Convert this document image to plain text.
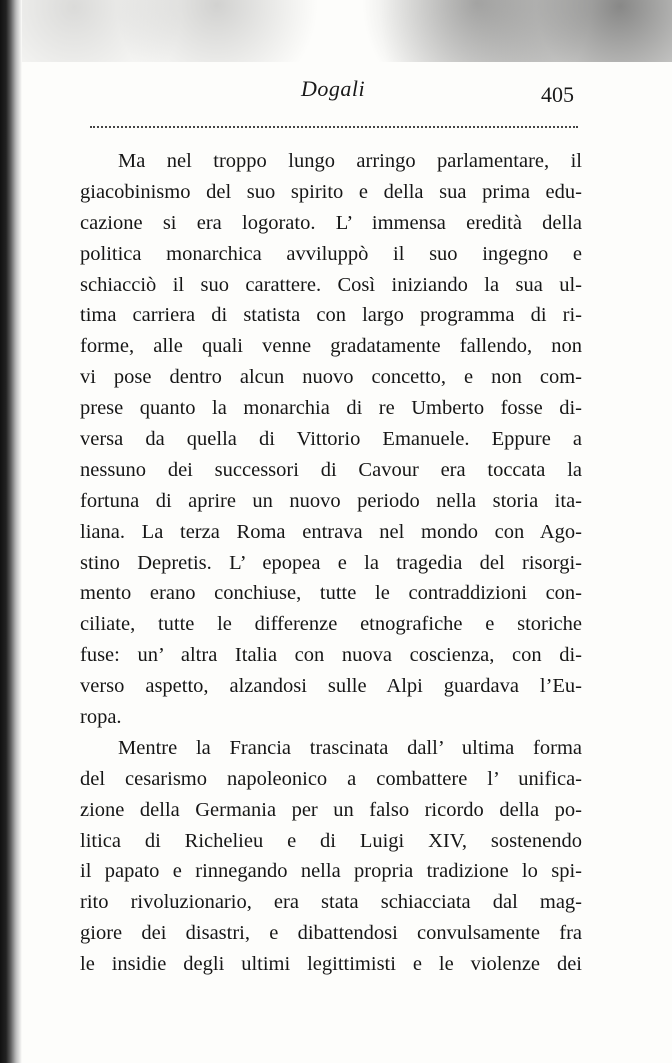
Dogali	405
Ma nel troppo lungo arringo parlamentare, il
giacobinismo del suo spirito e della sua prima edu-
cazione si era logorato. L’ immensa eredità della
politica monarchica avviluppò il suo ingegno e
schiacciò il suo carattere. Così iniziando la sua ul-
tima carriera di statista con largo programma di ri-
forme, alle quali venne gradatamente fallendo, non
vi pose dentro alcun nuovo concetto, e non com-
prese quanto la monarchia di re Umberto fosse di-
versa da quella di Vittorio Emanuele. Eppure a
nessuno dei successori di Cavour era toccata la
fortuna di aprire un nuovo periodo nella storia ita-
liana. La terza Roma entrava nel mondo con Ago-
stino Depretis. L’ epopea e la tragedia del risorgi-
mento erano conchiuse, tutte le contraddizioni con-
ciliate, tutte le differenze etnografiche e storiche
fuse: un’ altra Italia con nuova coscienza, con di-
verso aspetto, alzandosi sulle Alpi guardava l’Eu-
ropa.
Mentre la Francia trascinata dall’ ultima forma
del cesarismo napoleonico a combattere l’ unifica-
zione della Germania per un falso ricordo della po-
litica di Richelieu e di Luigi XIV, sostenendo
il papato e rinnegando nella propria tradizione lo spi-
rito rivoluzionario, era stata schiacciata dal mag-
giore dei disastri, e dibattendosi convulsamente fra
le insidie degli ultimi legittimisti e le violenze dei
